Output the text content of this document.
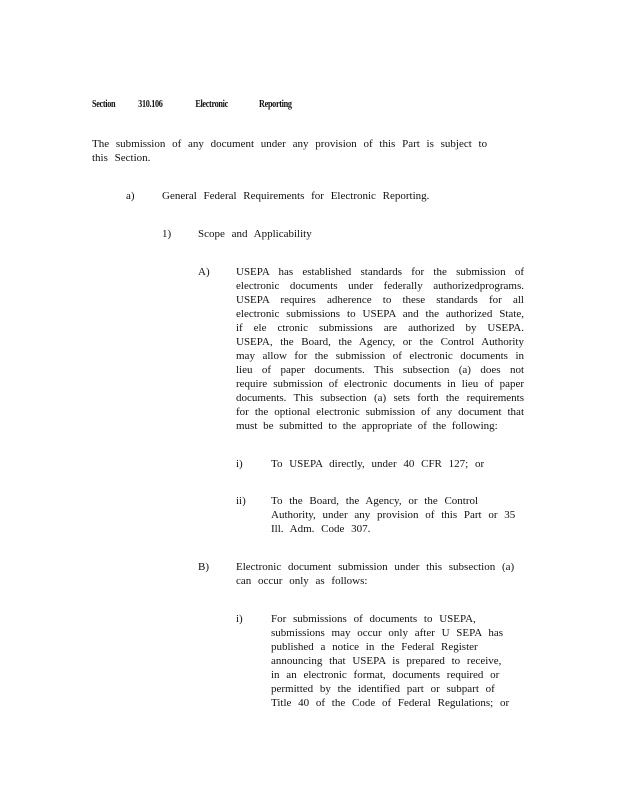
Section 310.106	Electronic	Reporting
The submission of any document under any provision of this Part is subject to this Section.
a) General Federal Requirements for Electronic Reporting.
1) Scope and Applicability
A) USEPA has established standards for the submission of electronic documents under federally authorizedprograms. USEPA requires adherence to these standards for all electronic submissions to USEPA and the authorized State, if ele ctronic submissions are authorized by USEPA. USEPA, the Board, the Agency, or the Control Authority may allow for the submission of electronic documents in lieu of paper documents. This subsection (a) does not require submission of electronic documents in lieu of paper documents. This subsection (a) sets forth the requirements for the optional electronic submission of any document that must be submitted to the appropriate of the following:
i)	To USEPA directly, under 40 CFR 127; or
ii) To the Board, the Agency, or the Control Authority, under any provision of this Part or 35 Ill. Adm. Code 307.
B) Electronic document submission under this subsection (a) can occur only as follows:
i)	For submissions of documents to USEPA, submissions may occur only after U SEPA has published a notice in the Federal Register announcing that USEPA is prepared to receive, in an electronic format, documents required or permitted by the identified part or subpart of Title 40 of the Code of Federal Regulations; or
